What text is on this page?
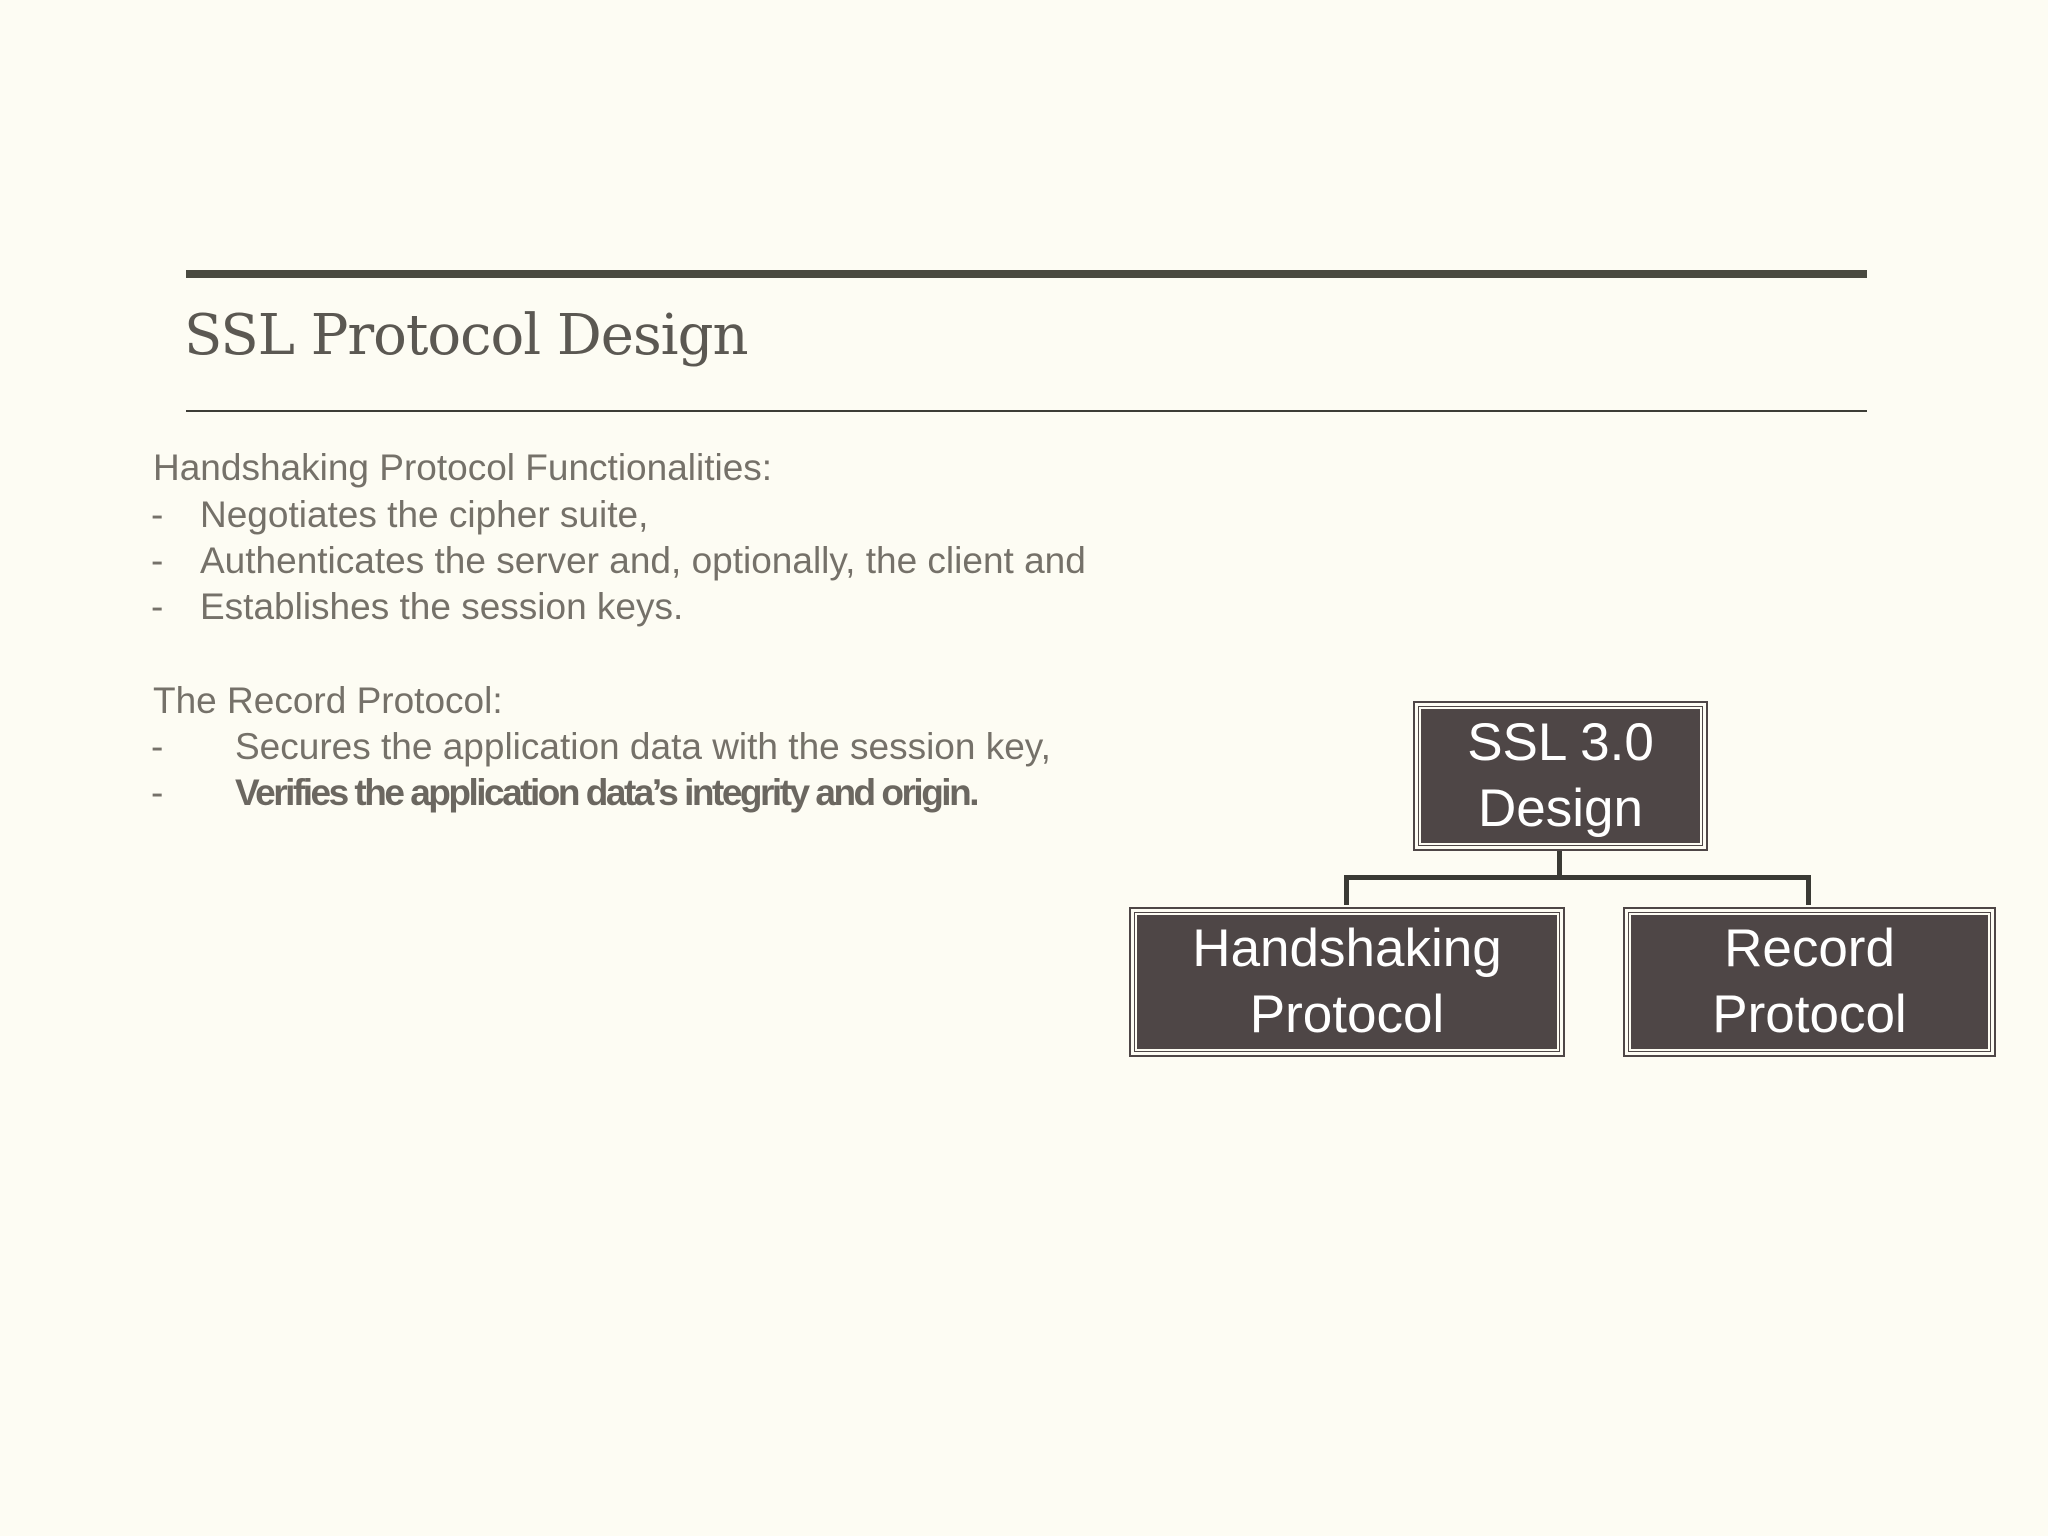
SSL Protocol Design
Handshaking Protocol Functionalities:
- Negotiates the cipher suite,
- Authenticates the server and, optionally, the client and
- Establishes the session keys.
The Record Protocol:
- Secures the application data with the session key,
- Verifies the application data’s integrity and origin.
SSL 3.0
Design
Handshaking
Protocol
Record
Protocol
